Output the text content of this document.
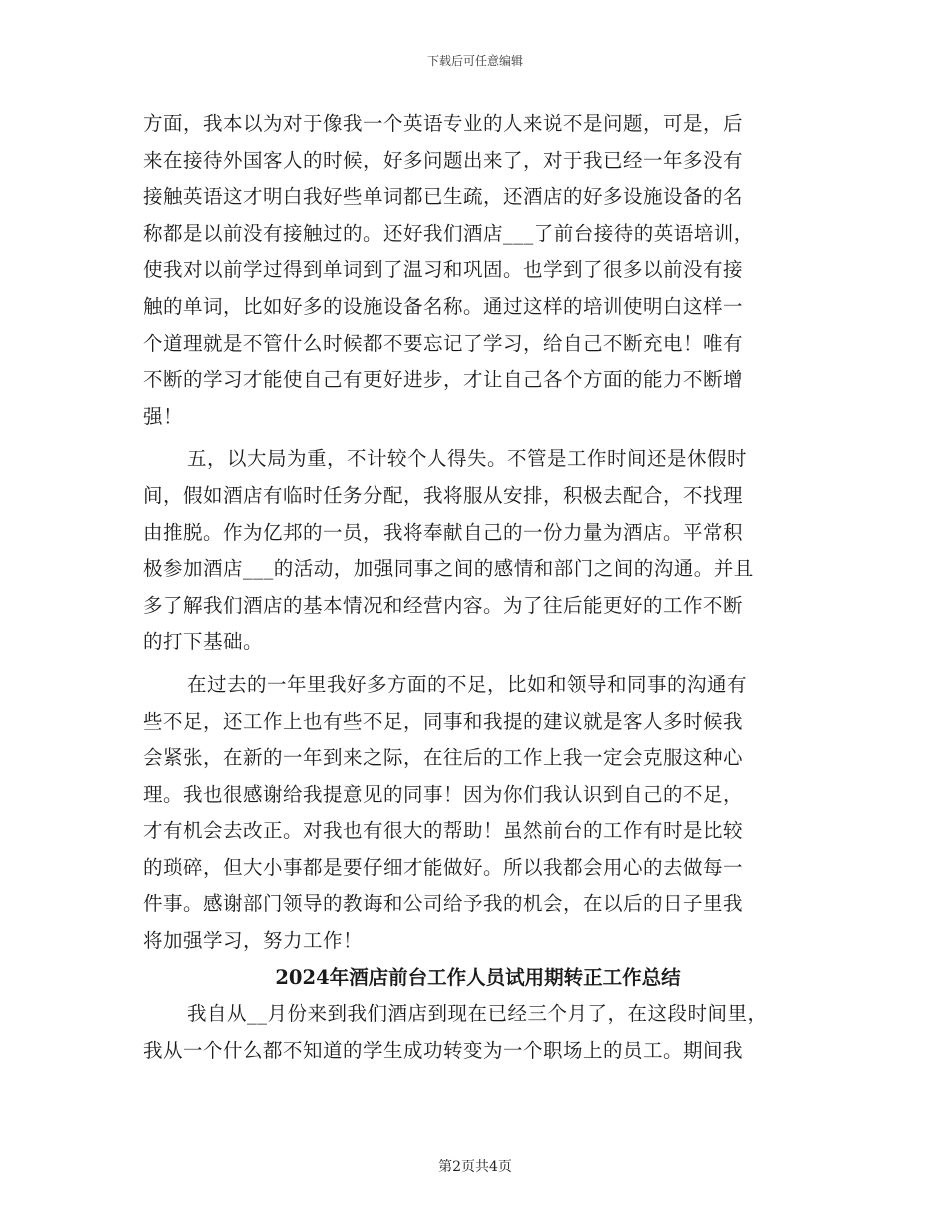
下载后可任意编辑
方面，我本以为对于像我一个英语专业的人来说不是问题，可是，后
来在接待外国客人的时候，好多问题出来了，对于我已经一年多没有
接触英语这才明白我好些单词都已生疏，还酒店的好多设施设备的名
称都是以前没有接触过的。还好我们酒店___了前台接待的英语培训，
使我对以前学过得到单词到了温习和巩固。也学到了很多以前没有接
触的单词，比如好多的设施设备名称。通过这样的培训使明白这样一
个道理就是不管什么时候都不要忘记了学习，给自己不断充电！唯有
不断的学习才能使自己有更好进步，才让自己各个方面的能力不断增
强！
五，以大局为重，不计较个人得失。不管是工作时间还是休假时
间，假如酒店有临时任务分配，我将服从安排，积极去配合，不找理
由推脱。作为亿邦的一员，我将奉献自己的一份力量为酒店。平常积
极参加酒店___的活动，加强同事之间的感情和部门之间的沟通。并且
多了解我们酒店的基本情况和经营内容。为了往后能更好的工作不断
的打下基础。
在过去的一年里我好多方面的不足，比如和领导和同事的沟通有
些不足，还工作上也有些不足，同事和我提的建议就是客人多时候我
会紧张，在新的一年到来之际，在往后的工作上我一定会克服这种心
理。我也很感谢给我提意见的同事！因为你们我认识到自己的不足，
才有机会去改正。对我也有很大的帮助！虽然前台的工作有时是比较
的琐碎，但大小事都是要仔细才能做好。所以我都会用心的去做每一
件事。感谢部门领导的教诲和公司给予我的机会，在以后的日子里我
将加强学习，努力工作！
2024年酒店前台工作人员试用期转正工作总结
我自从__月份来到我们酒店到现在已经三个月了，在这段时间里，
我从一个什么都不知道的学生成功转变为一个职场上的员工。期间我
第2页共4页
